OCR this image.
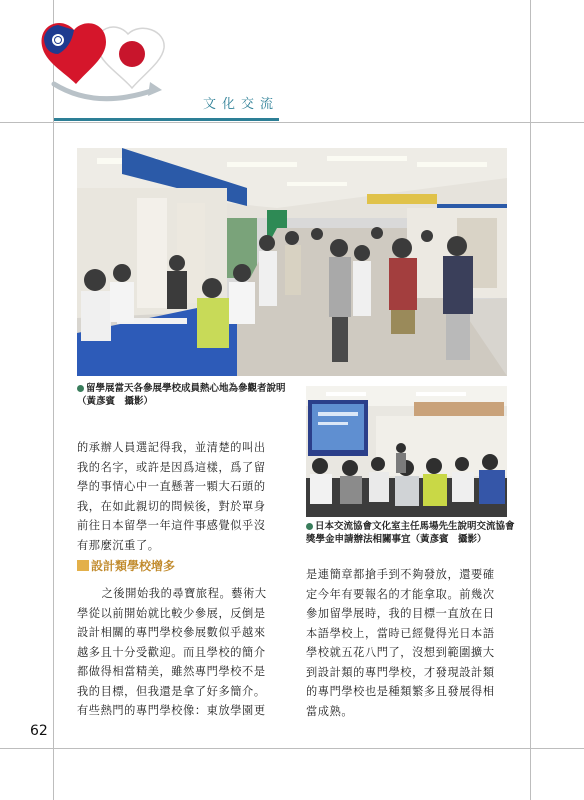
文化交流

留學展當天各參展學校成員熱心地為參觀者說明

（黃彥賓　攝影）

日本交流協會文化室主任馬場先生說明交流協會

獎學金申請辦法相關事宜（黃彥賓　攝影）

的承辦人員選記得我，並清楚的叫出

我的名字，或許是因爲這樣，爲了留

學的事情心中一直懸著一顆大石頭的

我，在如此親切的問候後，對於單身

前往日本留學一年這件事感覺似乎沒

有那麼沉重了。

設計類學校增多

之後開始我的尋寶旅程。藝術大

學從以前開始就比較少參展，反倒是

設計相關的專門學校參展數似乎越來

越多且十分受歡迎。而且學校的簡介

都做得相當精美，雖然專門學校不是

我的目標，但我還是拿了好多簡介。

有些熱門的專門學校像：東放學園更

是連簡章都搶手到不夠發放，還要確

定今年有要報名的才能拿取。前幾次

參加留學展時，我的目標一直放在日

本語學校上，當時已經覺得光日本語

學校就五花八門了，沒想到範圍擴大

到設計類的專門學校，才發現設計類

的專門學校也是種類繁多且發展得相

當成熟。

62
